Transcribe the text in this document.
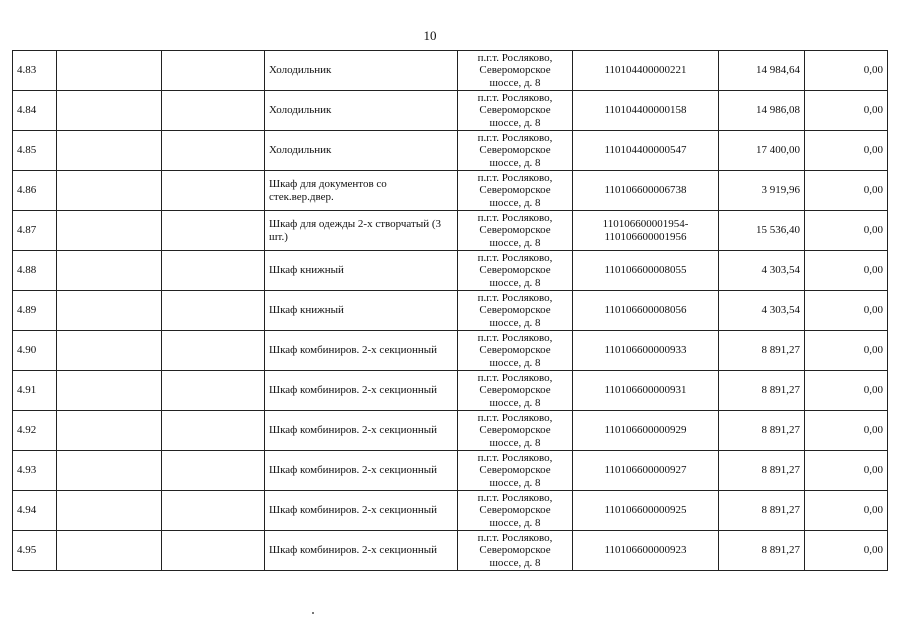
10
4.83			Холодильник	п.г.т. Росляково,
Североморское
шоссе, д. 8	110104400000221	14 984,64	0,00
4.84			Холодильник	п.г.т. Росляково,
Североморское
шоссе, д. 8	110104400000158	14 986,08	0,00
4.85			Холодильник	п.г.т. Росляково,
Североморское
шоссе, д. 8	110104400000547	17 400,00	0,00
4.86			Шкаф для документов со стек.вер.двер.	п.г.т. Росляково,
Североморское
шоссе, д. 8	110106600006738	3 919,96	0,00
4.87			Шкаф для одежды 2-х створчатый (3 шт.)	п.г.т. Росляково,
Североморское
шоссе, д. 8	110106600001954-110106600001956	15 536,40	0,00
4.88			Шкаф книжный	п.г.т. Росляково,
Североморское
шоссе, д. 8	110106600008055	4 303,54	0,00
4.89			Шкаф книжный	п.г.т. Росляково,
Североморское
шоссе, д. 8	110106600008056	4 303,54	0,00
4.90			Шкаф комбиниров. 2-х секционный	п.г.т. Росляково,
Североморское
шоссе, д. 8	110106600000933	8 891,27	0,00
4.91			Шкаф комбиниров. 2-х секционный	п.г.т. Росляково,
Североморское
шоссе, д. 8	110106600000931	8 891,27	0,00
4.92			Шкаф комбиниров. 2-х секционный	п.г.т. Росляково,
Североморское
шоссе, д. 8	110106600000929	8 891,27	0,00
4.93			Шкаф комбиниров. 2-х секционный	п.г.т. Росляково,
Североморское
шоссе, д. 8	110106600000927	8 891,27	0,00
4.94			Шкаф комбиниров. 2-х секционный	п.г.т. Росляково,
Североморское
шоссе, д. 8	110106600000925	8 891,27	0,00
4.95			Шкаф комбиниров. 2-х секционный	п.г.т. Росляково,
Североморское
шоссе, д. 8	110106600000923	8 891,27	0,00
